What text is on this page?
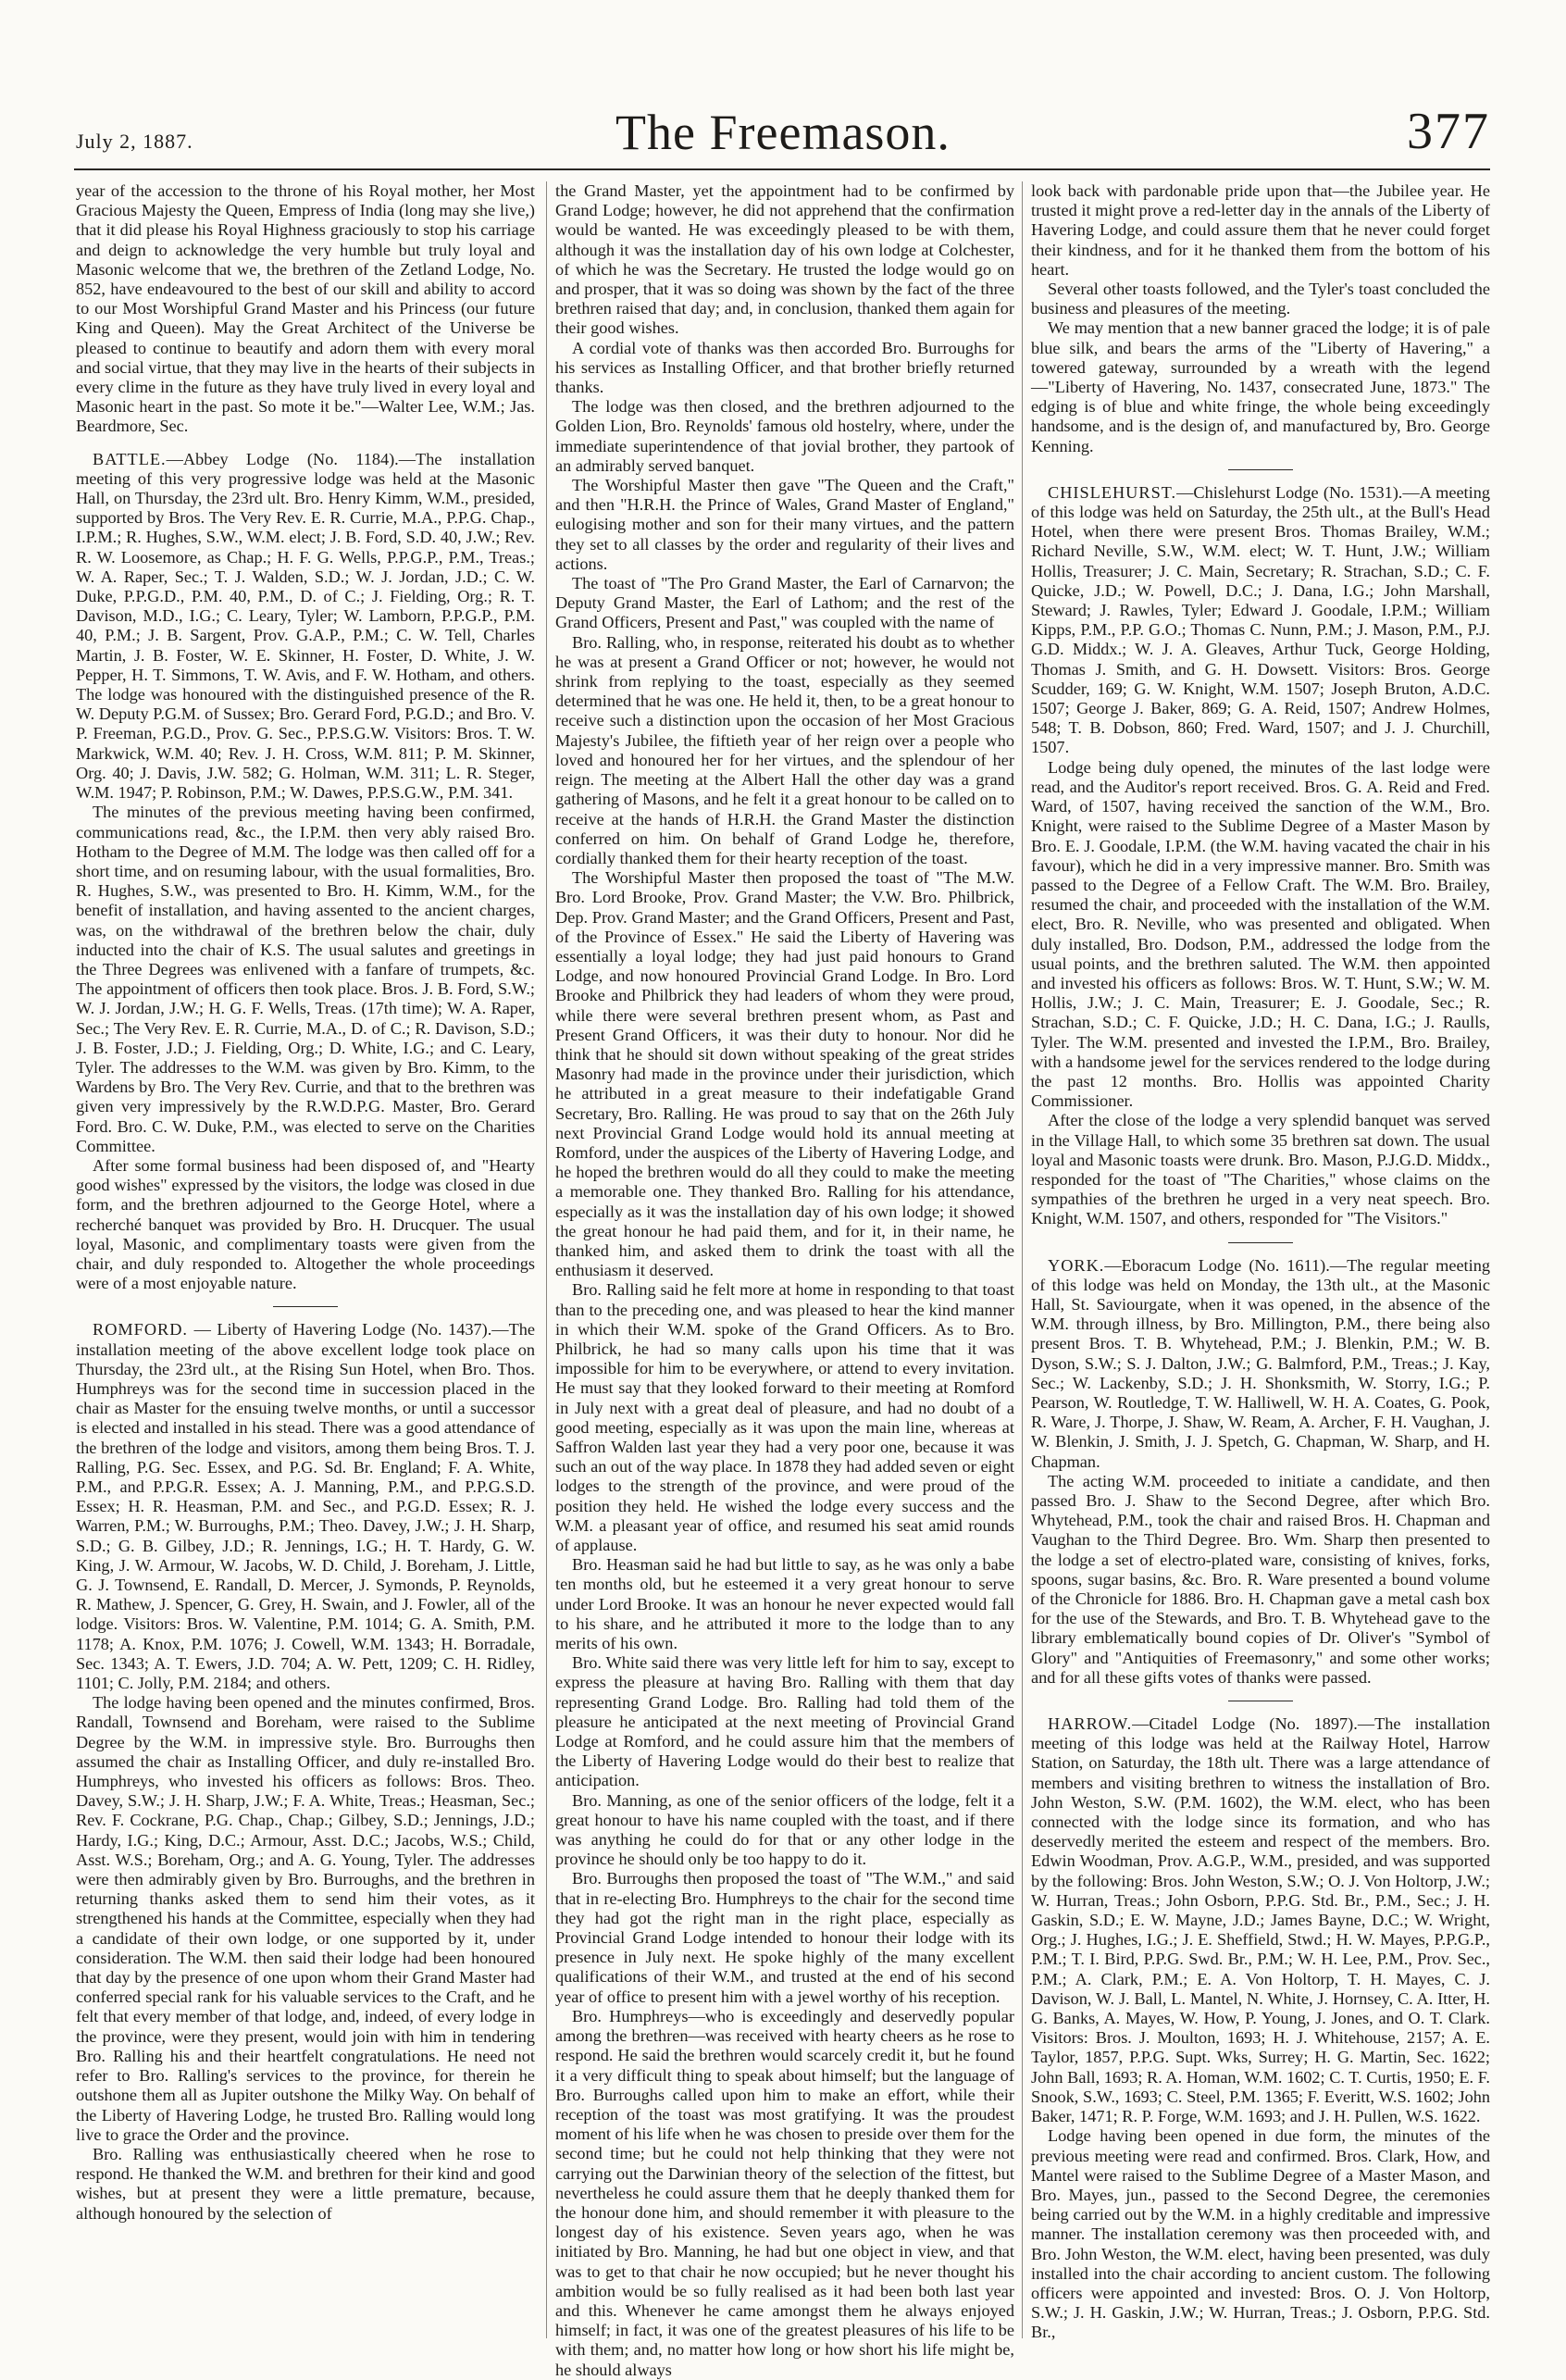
July 2, 1887.	The Freemason.	377

year of the accession to the throne of his Royal mother, her Most Gracious Majesty the Queen, Empress of India (long may she live,) that it did please his Royal Highness graciously to stop his carriage and deign to acknowledge the very humble but truly loyal and Masonic welcome that we, the brethren of the Zetland Lodge, No. 852, have endeavoured to the best of our skill and ability to accord to our Most Worshipful Grand Master and his Princess (our future King and Queen). May the Great Architect of the Universe be pleased to continue to beautify and adorn them with every moral and social virtue, that they may live in the hearts of their subjects in every clime in the future as they have truly lived in every loyal and Masonic heart in the past. So mote it be."—Walter Lee, W.M.; Jas. Beardmore, Sec.

BATTLE.—Abbey Lodge (No. 1184).—The installation meeting of this very progressive lodge was held at the Masonic Hall, on Thursday, the 23rd ult. Bro. Henry Kimm, W.M., presided, supported by Bros. The Very Rev. E. R. Currie, M.A., P.P.G. Chap., I.P.M.; R. Hughes, S.W., W.M. elect; J. B. Ford, S.D. 40, J.W.; Rev. R. W. Loosemore, as Chap.; H. F. G. Wells, P.P.G.P., P.M., Treas.; W. A. Raper, Sec.; T. J. Walden, S.D.; W. J. Jordan, J.D.; C. W. Duke, P.P.G.D., P.M. 40, P.M., D. of C.; J. Fielding, Org.; R. T. Davison, M.D., I.G.; C. Leary, Tyler; W. Lamborn, P.P.G.P., P.M. 40, P.M.; J. B. Sargent, Prov. G.A.P., P.M.; C. W. Tell, Charles Martin, J. B. Foster, W. E. Skinner, H. Foster, D. White, J. W. Pepper, H. T. Simmons, T. W. Avis, and F. W. Hotham, and others. The lodge was honoured with the distinguished presence of the R. W. Deputy P.G.M. of Sussex; Bro. Gerard Ford, P.G.D.; and Bro. V. P. Freeman, P.G.D., Prov. G. Sec., P.P.S.G.W. Visitors: Bros. T. W. Markwick, W.M. 40; Rev. J. H. Cross, W.M. 811; P. M. Skinner, Org. 40; J. Davis, J.W. 582; G. Holman, W.M. 311; L. R. Steger, W.M. 1947; P. Robinson, P.M.; W. Dawes, P.P.S.G.W., P.M. 341.

The minutes of the previous meeting having been confirmed, communications read, &c., the I.P.M. then very ably raised Bro. Hotham to the Degree of M.M. The lodge was then called off for a short time, and on resuming labour, with the usual formalities, Bro. R. Hughes, S.W., was presented to Bro. H. Kimm, W.M., for the benefit of installation, and having assented to the ancient charges, was, on the withdrawal of the brethren below the chair, duly inducted into the chair of K.S. The usual salutes and greetings in the Three Degrees was enlivened with a fanfare of trumpets, &c. The appointment of officers then took place. Bros. J. B. Ford, S.W.; W. J. Jordan, J.W.; H. G. F. Wells, Treas. (17th time); W. A. Raper, Sec.; The Very Rev. E. R. Currie, M.A., D. of C.; R. Davison, S.D.; J. B. Foster, J.D.; J. Fielding, Org.; D. White, I.G.; and C. Leary, Tyler. The addresses to the W.M. was given by Bro. Kimm, to the Wardens by Bro. The Very Rev. Currie, and that to the brethren was given very impressively by the R.W.D.P.G. Master, Bro. Gerard Ford. Bro. C. W. Duke, P.M., was elected to serve on the Charities Committee.

After some formal business had been disposed of, and "Hearty good wishes" expressed by the visitors, the lodge was closed in due form, and the brethren adjourned to the George Hotel, where a recherché banquet was provided by Bro. H. Drucquer. The usual loyal, Masonic, and complimentary toasts were given from the chair, and duly responded to. Altogether the whole proceedings were of a most enjoyable nature.

ROMFORD. — Liberty of Havering Lodge (No. 1437).—The installation meeting of the above excellent lodge took place on Thursday, the 23rd ult., at the Rising Sun Hotel, when Bro. Thos. Humphreys was for the second time in succession placed in the chair as Master for the ensuing twelve months, or until a successor is elected and installed in his stead. There was a good attendance of the brethren of the lodge and visitors, among them being Bros. T. J. Ralling, P.G. Sec. Essex, and P.G. Sd. Br. England; F. A. White, P.M., and P.P.G.R. Essex; A. J. Manning, P.M., and P.P.G.S.D. Essex; H. R. Heasman, P.M. and Sec., and P.G.D. Essex; R. J. Warren, P.M.; W. Burroughs, P.M.; Theo. Davey, J.W.; J. H. Sharp, S.D.; G. B. Gilbey, J.D.; R. Jennings, I.G.; H. T. Hardy, G. W. King, J. W. Armour, W. Jacobs, W. D. Child, J. Boreham, J. Little, G. J. Townsend, E. Randall, D. Mercer, J. Symonds, P. Reynolds, R. Mathew, J. Spencer, G. Grey, H. Swain, and J. Fowler, all of the lodge. Visitors: Bros. W. Valentine, P.M. 1014; G. A. Smith, P.M. 1178; A. Knox, P.M. 1076; J. Cowell, W.M. 1343; H. Borradale, Sec. 1343; A. T. Ewers, J.D. 704; A. W. Pett, 1209; C. H. Ridley, 1101; C. Jolly, P.M. 2184; and others.

The lodge having been opened and the minutes confirmed, Bros. Randall, Townsend and Boreham, were raised to the Sublime Degree by the W.M. in impressive style. Bro. Burroughs then assumed the chair as Installing Officer, and duly re-installed Bro. Humphreys, who invested his officers as follows: Bros. Theo. Davey, S.W.; J. H. Sharp, J.W.; F. A. White, Treas.; Heasman, Sec.; Rev. F. Cockrane, P.G. Chap., Chap.; Gilbey, S.D.; Jennings, J.D.; Hardy, I.G.; King, D.C.; Armour, Asst. D.C.; Jacobs, W.S.; Child, Asst. W.S.; Boreham, Org.; and A. G. Young, Tyler. The addresses were then admirably given by Bro. Burroughs, and the brethren in returning thanks asked them to send him their votes, as it strengthened his hands at the Committee, especially when they had a candidate of their own lodge, or one supported by it, under consideration. The W.M. then said their lodge had been honoured that day by the presence of one upon whom their Grand Master had conferred special rank for his valuable services to the Craft, and he felt that every member of that lodge, and, indeed, of every lodge in the province, were they present, would join with him in tendering Bro. Ralling his and their heartfelt congratulations. He need not refer to Bro. Ralling's services to the province, for therein he outshone them all as Jupiter outshone the Milky Way. On behalf of the Liberty of Havering Lodge, he trusted Bro. Ralling would long live to grace the Order and the province.

Bro. Ralling was enthusiastically cheered when he rose to respond. He thanked the W.M. and brethren for their kind and good wishes, but at present they were a little premature, because, although honoured by the selection of

the Grand Master, yet the appointment had to be confirmed by Grand Lodge; however, he did not apprehend that the confirmation would be wanted. He was exceedingly pleased to be with them, although it was the installation day of his own lodge at Colchester, of which he was the Secretary. He trusted the lodge would go on and prosper, that it was so doing was shown by the fact of the three brethren raised that day; and, in conclusion, thanked them again for their good wishes.

A cordial vote of thanks was then accorded Bro. Burroughs for his services as Installing Officer, and that brother briefly returned thanks.

The lodge was then closed, and the brethren adjourned to the Golden Lion, Bro. Reynolds' famous old hostelry, where, under the immediate superintendence of that jovial brother, they partook of an admirably served banquet.

The Worshipful Master then gave "The Queen and the Craft," and then "H.R.H. the Prince of Wales, Grand Master of England," eulogising mother and son for their many virtues, and the pattern they set to all classes by the order and regularity of their lives and actions.

The toast of "The Pro Grand Master, the Earl of Carnarvon; the Deputy Grand Master, the Earl of Lathom; and the rest of the Grand Officers, Present and Past," was coupled with the name of

Bro. Ralling, who, in response, reiterated his doubt as to whether he was at present a Grand Officer or not; however, he would not shrink from replying to the toast, especially as they seemed determined that he was one. He held it, then, to be a great honour to receive such a distinction upon the occasion of her Most Gracious Majesty's Jubilee, the fiftieth year of her reign over a people who loved and honoured her for her virtues, and the splendour of her reign. The meeting at the Albert Hall the other day was a grand gathering of Masons, and he felt it a great honour to be called on to receive at the hands of H.R.H. the Grand Master the distinction conferred on him. On behalf of Grand Lodge he, therefore, cordially thanked them for their hearty reception of the toast.

The Worshipful Master then proposed the toast of "The M.W. Bro. Lord Brooke, Prov. Grand Master; the V.W. Bro. Philbrick, Dep. Prov. Grand Master; and the Grand Officers, Present and Past, of the Province of Essex." He said the Liberty of Havering was essentially a loyal lodge; they had just paid honours to Grand Lodge, and now honoured Provincial Grand Lodge. In Bro. Lord Brooke and Philbrick they had leaders of whom they were proud, while there were several brethren present whom, as Past and Present Grand Officers, it was their duty to honour. Nor did he think that he should sit down without speaking of the great strides Masonry had made in the province under their jurisdiction, which he attributed in a great measure to their indefatigable Grand Secretary, Bro. Ralling. He was proud to say that on the 26th July next Provincial Grand Lodge would hold its annual meeting at Romford, under the auspices of the Liberty of Havering Lodge, and he hoped the brethren would do all they could to make the meeting a memorable one. They thanked Bro. Ralling for his attendance, especially as it was the installation day of his own lodge; it showed the great honour he had paid them, and for it, in their name, he thanked him, and asked them to drink the toast with all the enthusiasm it deserved.

Bro. Ralling said he felt more at home in responding to that toast than to the preceding one, and was pleased to hear the kind manner in which their W.M. spoke of the Grand Officers. As to Bro. Philbrick, he had so many calls upon his time that it was impossible for him to be everywhere, or attend to every invitation. He must say that they looked forward to their meeting at Romford in July next with a great deal of pleasure, and had no doubt of a good meeting, especially as it was upon the main line, whereas at Saffron Walden last year they had a very poor one, because it was such an out of the way place. In 1878 they had added seven or eight lodges to the strength of the province, and were proud of the position they held. He wished the lodge every success and the W.M. a pleasant year of office, and resumed his seat amid rounds of applause.

Bro. Heasman said he had but little to say, as he was only a babe ten months old, but he esteemed it a very great honour to serve under Lord Brooke. It was an honour he never expected would fall to his share, and he attributed it more to the lodge than to any merits of his own.

Bro. White said there was very little left for him to say, except to express the pleasure at having Bro. Ralling with them that day representing Grand Lodge. Bro. Ralling had told them of the pleasure he anticipated at the next meeting of Provincial Grand Lodge at Romford, and he could assure him that the members of the Liberty of Havering Lodge would do their best to realize that anticipation.

Bro. Manning, as one of the senior officers of the lodge, felt it a great honour to have his name coupled with the toast, and if there was anything he could do for that or any other lodge in the province he should only be too happy to do it.

Bro. Burroughs then proposed the toast of "The W.M.," and said that in re-electing Bro. Humphreys to the chair for the second time they had got the right man in the right place, especially as Provincial Grand Lodge intended to honour their lodge with its presence in July next. He spoke highly of the many excellent qualifications of their W.M., and trusted at the end of his second year of office to present him with a jewel worthy of his reception.

Bro. Humphreys—who is exceedingly and deservedly popular among the brethren—was received with hearty cheers as he rose to respond. He said the brethren would scarcely credit it, but he found it a very difficult thing to speak about himself; but the language of Bro. Burroughs called upon him to make an effort, while their reception of the toast was most gratifying. It was the proudest moment of his life when he was chosen to preside over them for the second time; but he could not help thinking that they were not carrying out the Darwinian theory of the selection of the fittest, but nevertheless he could assure them that he deeply thanked them for the honour done him, and should remember it with pleasure to the longest day of his existence. Seven years ago, when he was initiated by Bro. Manning, he had but one object in view, and that was to get to that chair he now occupied; but he never thought his ambition would be so fully realised as it had been both last year and this. Whenever he came amongst them he always enjoyed himself; in fact, it was one of the greatest pleasures of his life to be with them; and, no matter how long or how short his life might be, he should always

look back with pardonable pride upon that—the Jubilee year. He trusted it might prove a red-letter day in the annals of the Liberty of Havering Lodge, and could assure them that he never could forget their kindness, and for it he thanked them from the bottom of his heart.

Several other toasts followed, and the Tyler's toast concluded the business and pleasures of the meeting.

We may mention that a new banner graced the lodge; it is of pale blue silk, and bears the arms of the "Liberty of Havering," a towered gateway, surrounded by a wreath with the legend—"Liberty of Havering, No. 1437, consecrated June, 1873." The edging is of blue and white fringe, the whole being exceedingly handsome, and is the design of, and manufactured by, Bro. George Kenning.

CHISLEHURST.—Chislehurst Lodge (No. 1531).—A meeting of this lodge was held on Saturday, the 25th ult., at the Bull's Head Hotel, when there were present Bros. Thomas Brailey, W.M.; Richard Neville, S.W., W.M. elect; W. T. Hunt, J.W.; William Hollis, Treasurer; J. C. Main, Secretary; R. Strachan, S.D.; C. F. Quicke, J.D.; W. Powell, D.C.; J. Dana, I.G.; John Marshall, Steward; J. Rawles, Tyler; Edward J. Goodale, I.P.M.; William Kipps, P.M., P.P. G.O.; Thomas C. Nunn, P.M.; J. Mason, P.M., P.J. G.D. Middx.; W. J. A. Gleaves, Arthur Tuck, George Holding, Thomas J. Smith, and G. H. Dowsett. Visitors: Bros. George Scudder, 169; G. W. Knight, W.M. 1507; Joseph Bruton, A.D.C. 1507; George J. Baker, 869; G. A. Reid, 1507; Andrew Holmes, 548; T. B. Dobson, 860; Fred. Ward, 1507; and J. J. Churchill, 1507.

Lodge being duly opened, the minutes of the last lodge were read, and the Auditor's report received. Bros. G. A. Reid and Fred. Ward, of 1507, having received the sanction of the W.M., Bro. Knight, were raised to the Sublime Degree of a Master Mason by Bro. E. J. Goodale, I.P.M. (the W.M. having vacated the chair in his favour), which he did in a very impressive manner. Bro. Smith was passed to the Degree of a Fellow Craft. The W.M. Bro. Brailey, resumed the chair, and proceeded with the installation of the W.M. elect, Bro. R. Neville, who was presented and obligated. When duly installed, Bro. Dodson, P.M., addressed the lodge from the usual points, and the brethren saluted. The W.M. then appointed and invested his officers as follows: Bros. W. T. Hunt, S.W.; W. M. Hollis, J.W.; J. C. Main, Treasurer; E. J. Goodale, Sec.; R. Strachan, S.D.; C. F. Quicke, J.D.; H. C. Dana, I.G.; J. Raulls, Tyler. The W.M. presented and invested the I.P.M., Bro. Brailey, with a handsome jewel for the services rendered to the lodge during the past 12 months. Bro. Hollis was appointed Charity Commissioner.

After the close of the lodge a very splendid banquet was served in the Village Hall, to which some 35 brethren sat down. The usual loyal and Masonic toasts were drunk. Bro. Mason, P.J.G.D. Middx., responded for the toast of "The Charities," whose claims on the sympathies of the brethren he urged in a very neat speech. Bro. Knight, W.M. 1507, and others, responded for "The Visitors."

YORK.—Eboracum Lodge (No. 1611).—The regular meeting of this lodge was held on Monday, the 13th ult., at the Masonic Hall, St. Saviourgate, when it was opened, in the absence of the W.M. through illness, by Bro. Millington, P.M., there being also present Bros. T. B. Whytehead, P.M.; J. Blenkin, P.M.; W. B. Dyson, S.W.; S. J. Dalton, J.W.; G. Balmford, P.M., Treas.; J. Kay, Sec.; W. Lackenby, S.D.; J. H. Shonksmith, W. Storry, I.G.; P. Pearson, W. Routledge, T. W. Halliwell, W. H. A. Coates, G. Pook, R. Ware, J. Thorpe, J. Shaw, W. Ream, A. Archer, F. H. Vaughan, J. W. Blenkin, J. Smith, J. J. Spetch, G. Chapman, W. Sharp, and H. Chapman.

The acting W.M. proceeded to initiate a candidate, and then passed Bro. J. Shaw to the Second Degree, after which Bro. Whytehead, P.M., took the chair and raised Bros. H. Chapman and Vaughan to the Third Degree. Bro. Wm. Sharp then presented to the lodge a set of electro-plated ware, consisting of knives, forks, spoons, sugar basins, &c. Bro. R. Ware presented a bound volume of the Chronicle for 1886. Bro. H. Chapman gave a metal cash box for the use of the Stewards, and Bro. T. B. Whytehead gave to the library emblematically bound copies of Dr. Oliver's "Symbol of Glory" and "Antiquities of Freemasonry," and some other works; and for all these gifts votes of thanks were passed.

HARROW.—Citadel Lodge (No. 1897).—The installation meeting of this lodge was held at the Railway Hotel, Harrow Station, on Saturday, the 18th ult. There was a large attendance of members and visiting brethren to witness the installation of Bro. John Weston, S.W. (P.M. 1602), the W.M. elect, who has been connected with the lodge since its formation, and who has deservedly merited the esteem and respect of the members. Bro. Edwin Woodman, Prov. A.G.P., W.M., presided, and was supported by the following: Bros. John Weston, S.W.; O. J. Von Holtorp, J.W.; W. Hurran, Treas.; John Osborn, P.P.G. Std. Br., P.M., Sec.; J. H. Gaskin, S.D.; E. W. Mayne, J.D.; James Bayne, D.C.; W. Wright, Org.; J. Hughes, I.G.; J. E. Sheffield, Stwd.; H. W. Mayes, P.P.G.P., P.M.; T. I. Bird, P.P.G. Swd. Br., P.M.; W. H. Lee, P.M., Prov. Sec., P.M.; A. Clark, P.M.; E. A. Von Holtorp, T. H. Mayes, C. J. Davison, W. J. Ball, L. Mantel, N. White, J. Hornsey, C. A. Itter, H. G. Banks, A. Mayes, W. How, P. Young, J. Jones, and O. T. Clark. Visitors: Bros. J. Moulton, 1693; H. J. Whitehouse, 2157; A. E. Taylor, 1857, P.P.G. Supt. Wks, Surrey; H. G. Martin, Sec. 1622; John Ball, 1693; R. A. Homan, W.M. 1602; C. T. Curtis, 1950; E. F. Snook, S.W., 1693; C. Steel, P.M. 1365; F. Everitt, W.S. 1602; John Baker, 1471; R. P. Forge, W.M. 1693; and J. H. Pullen, W.S. 1622.

Lodge having been opened in due form, the minutes of the previous meeting were read and confirmed. Bros. Clark, How, and Mantel were raised to the Sublime Degree of a Master Mason, and Bro. Mayes, jun., passed to the Second Degree, the ceremonies being carried out by the W.M. in a highly creditable and impressive manner. The installation ceremony was then proceeded with, and Bro. John Weston, the W.M. elect, having been presented, was duly installed into the chair according to ancient custom. The following officers were appointed and invested: Bros. O. J. Von Holtorp, S.W.; J. H. Gaskin, J.W.; W. Hurran, Treas.; J. Osborn, P.P.G. Std. Br.,
